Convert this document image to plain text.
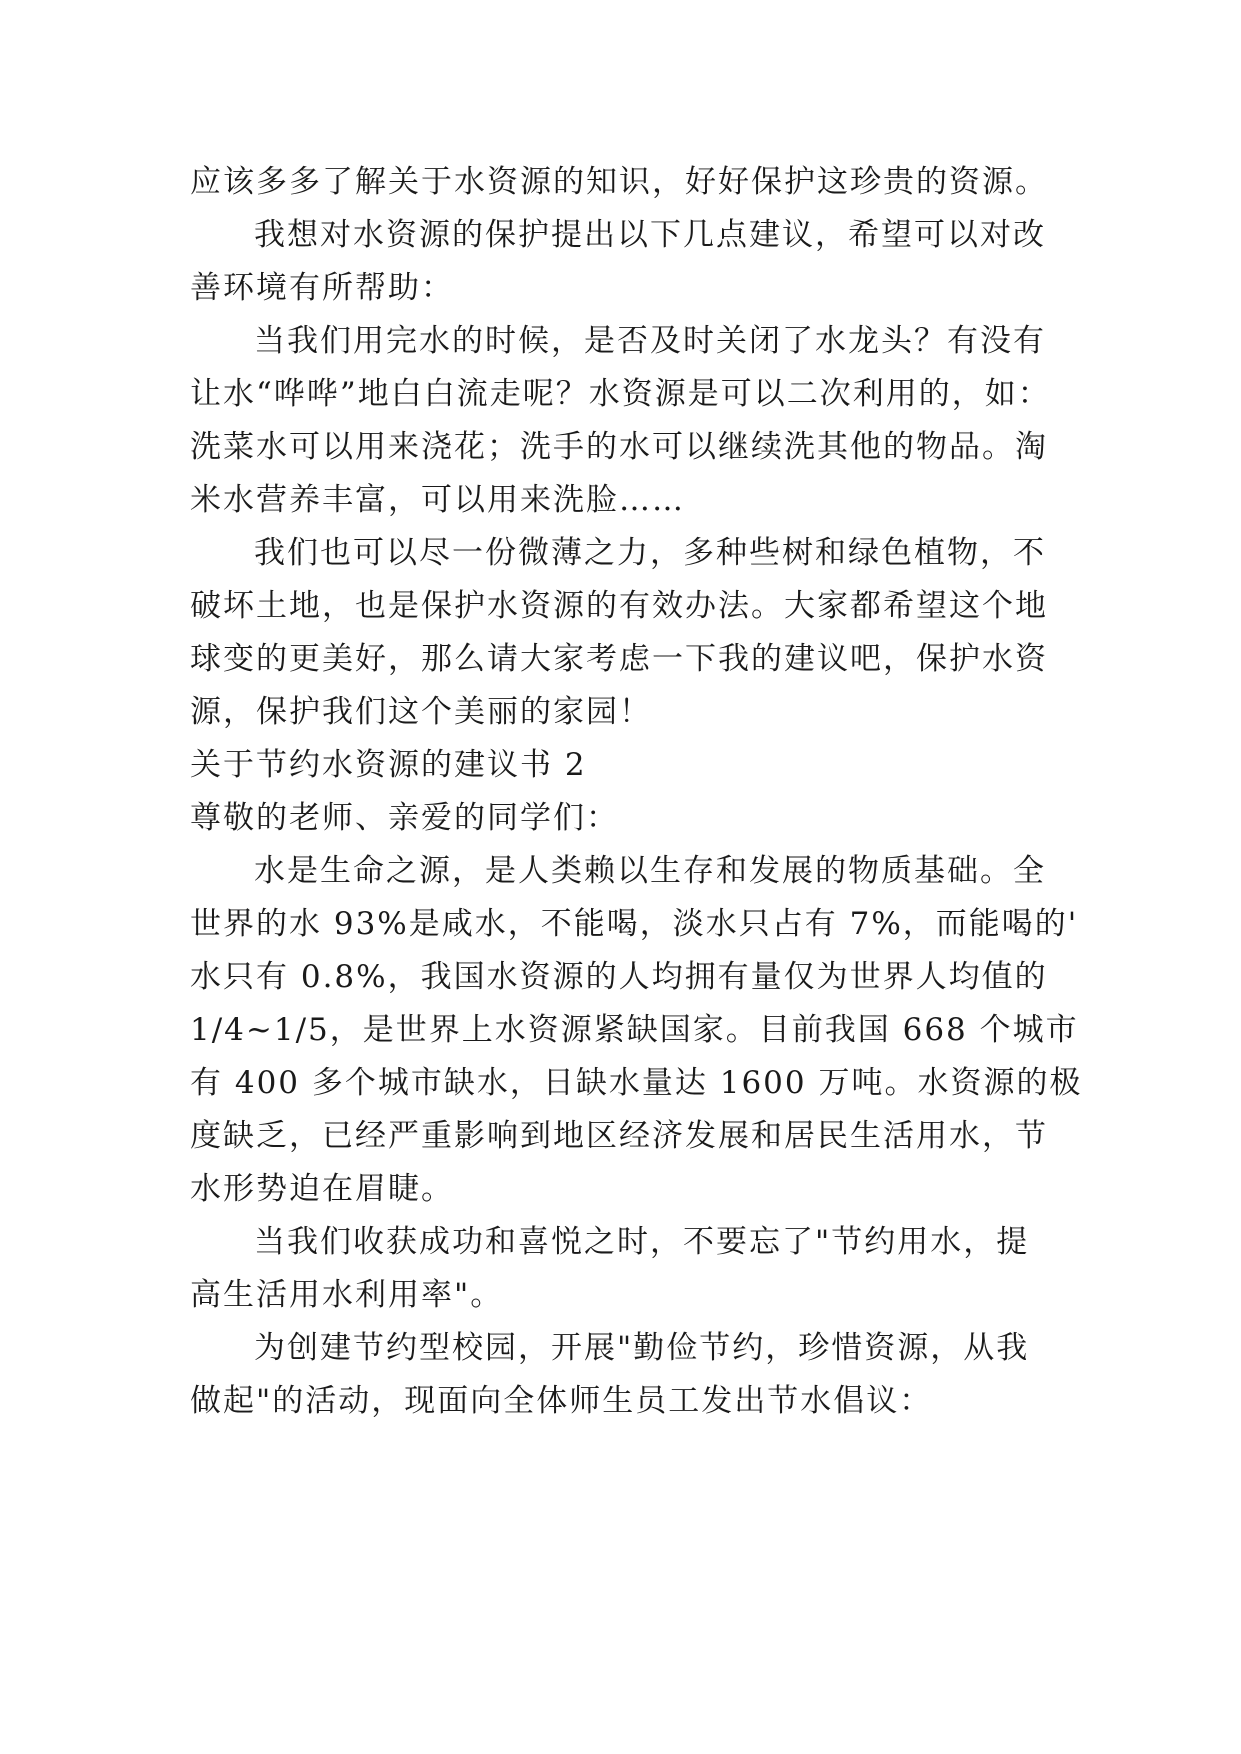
应该多多了解关于水资源的知识，好好保护这珍贵的资源。
我想对水资源的保护提出以下几点建议，希望可以对改
善环境有所帮助：
当我们用完水的时候，是否及时关闭了水龙头？有没有
让水“哗哗”地白白流走呢？水资源是可以二次利用的，如：
洗菜水可以用来浇花；洗手的水可以继续洗其他的物品。淘
米水营养丰富，可以用来洗脸……
我们也可以尽一份微薄之力，多种些树和绿色植物，不
破坏土地，也是保护水资源的有效办法。大家都希望这个地
球变的更美好，那么请大家考虑一下我的建议吧，保护水资
源，保护我们这个美丽的家园！
关于节约水资源的建议书 2
尊敬的老师、亲爱的同学们：
水是生命之源，是人类赖以生存和发展的物质基础。全
世界的水 93%是咸水，不能喝，淡水只占有 7%，而能喝的'
水只有 0.8%，我国水资源的人均拥有量仅为世界人均值的
1/4~1/5，是世界上水资源紧缺国家。目前我国 668 个城市
有 400 多个城市缺水，日缺水量达 1600 万吨。水资源的极
度缺乏，已经严重影响到地区经济发展和居民生活用水，节
水形势迫在眉睫。
当我们收获成功和喜悦之时，不要忘了"节约用水，提
高生活用水利用率"。
为创建节约型校园，开展"勤俭节约，珍惜资源，从我
做起"的活动，现面向全体师生员工发出节水倡议：
